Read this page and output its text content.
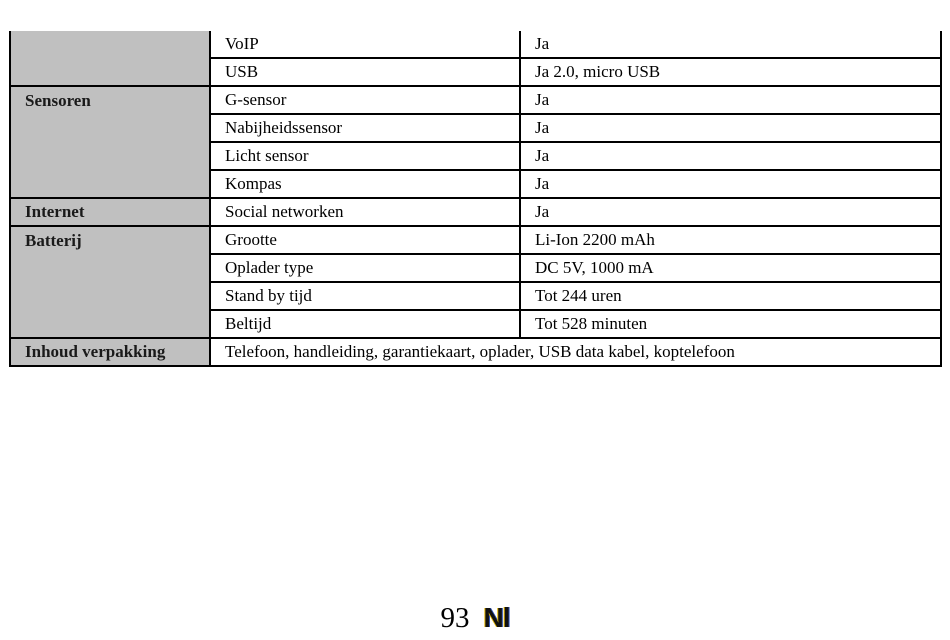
	VoIP	Ja
	USB	Ja 2.0, micro USB
Sensoren	G-sensor	Ja
	Nabijheidssensor	Ja
	Licht sensor	Ja
	Kompas	Ja
Internet	Social networken	Ja
Batterij	Grootte	Li-Ion 2200 mAh
	Oplader type	DC 5V, 1000 mA
	Stand by tijd	Tot 244 uren
	Beltijd	Tot 528 minuten
Inhoud verpakking	Telefoon, handleiding, garantiekaart, oplader, USB data kabel, koptelefoon	
93 Nl
